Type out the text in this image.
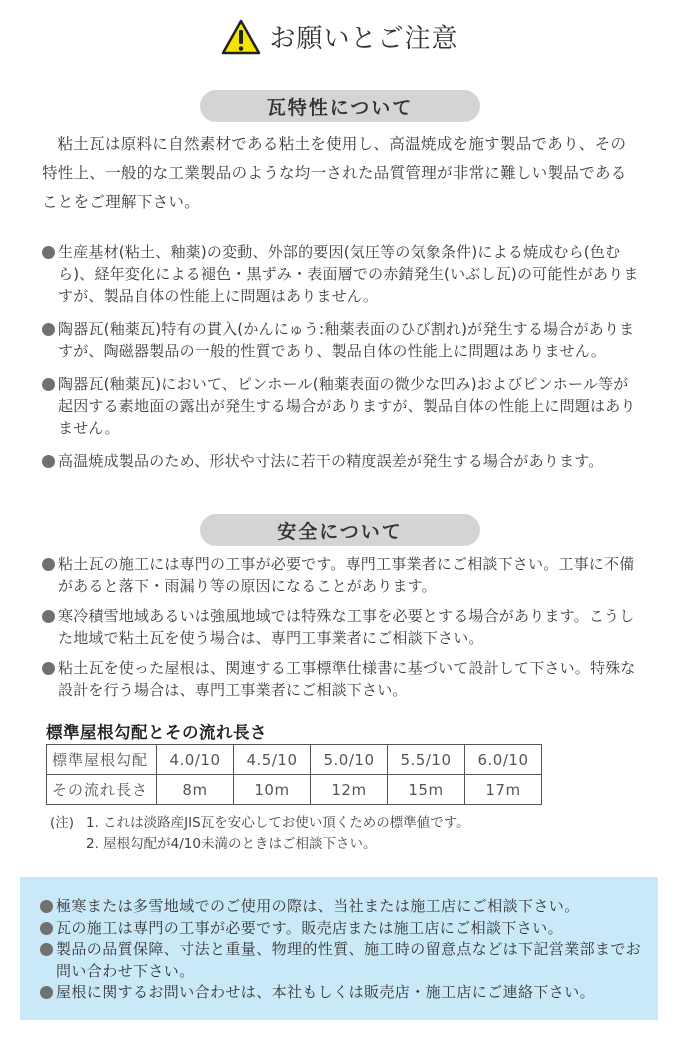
お願いとご注意
瓦特性について
粘土瓦は原料に自然素材である粘土を使用し、高温焼成を施す製品であり、その特性上、一般的な工業製品のような均一された品質管理が非常に難しい製品であることをご理解下さい。
生産基材(粘土、釉薬)の変動、外部的要因(気圧等の気象条件)による焼成むら(色むら)、経年変化による褪色・黒ずみ・表面層での赤錆発生(いぶし瓦)の可能性がありますが、製品自体の性能上に問題はありません。
陶器瓦(釉薬瓦)特有の貫入(かんにゅう:釉薬表面のひび割れ)が発生する場合がありますが、陶磁器製品の一般的性質であり、製品自体の性能上に問題はありません。
陶器瓦(釉薬瓦)において、ピンホール(釉薬表面の微少な凹み)およびピンホール等が起因する素地面の露出が発生する場合がありますが、製品自体の性能上に問題はありません。
高温焼成製品のため、形状や寸法に若干の精度誤差が発生する場合があります。
安全について
粘土瓦の施工には専門の工事が必要です。専門工事業者にご相談下さい。工事に不備があると落下・雨漏り等の原因になることがあります。
寒冷積雪地域あるいは強風地域では特殊な工事を必要とする場合があります。こうした地域で粘土瓦を使う場合は、専門工事業者にご相談下さい。
粘土瓦を使った屋根は、関連する工事標準仕様書に基づいて設計して下さい。特殊な設計を行う場合は、専門工事業者にご相談下さい。
標準屋根勾配とその流れ長さ
標準屋根勾配	4.0/10	4.5/10	5.0/10	5.5/10	6.0/10
その流れ長さ	8m	10m	12m	15m	17m
(注) 1. これは淡路産JIS瓦を安心してお使い頂くための標準値です。
2. 屋根勾配が4/10未満のときはご相談下さい。
極寒または多雪地域でのご使用の際は、当社または施工店にご相談下さい。
瓦の施工は専門の工事が必要です。販売店または施工店にご相談下さい。
製品の品質保障、寸法と重量、物理的性質、施工時の留意点などは下記営業部までお問い合わせ下さい。
屋根に関するお問い合わせは、本社もしくは販売店・施工店にご連絡下さい。
